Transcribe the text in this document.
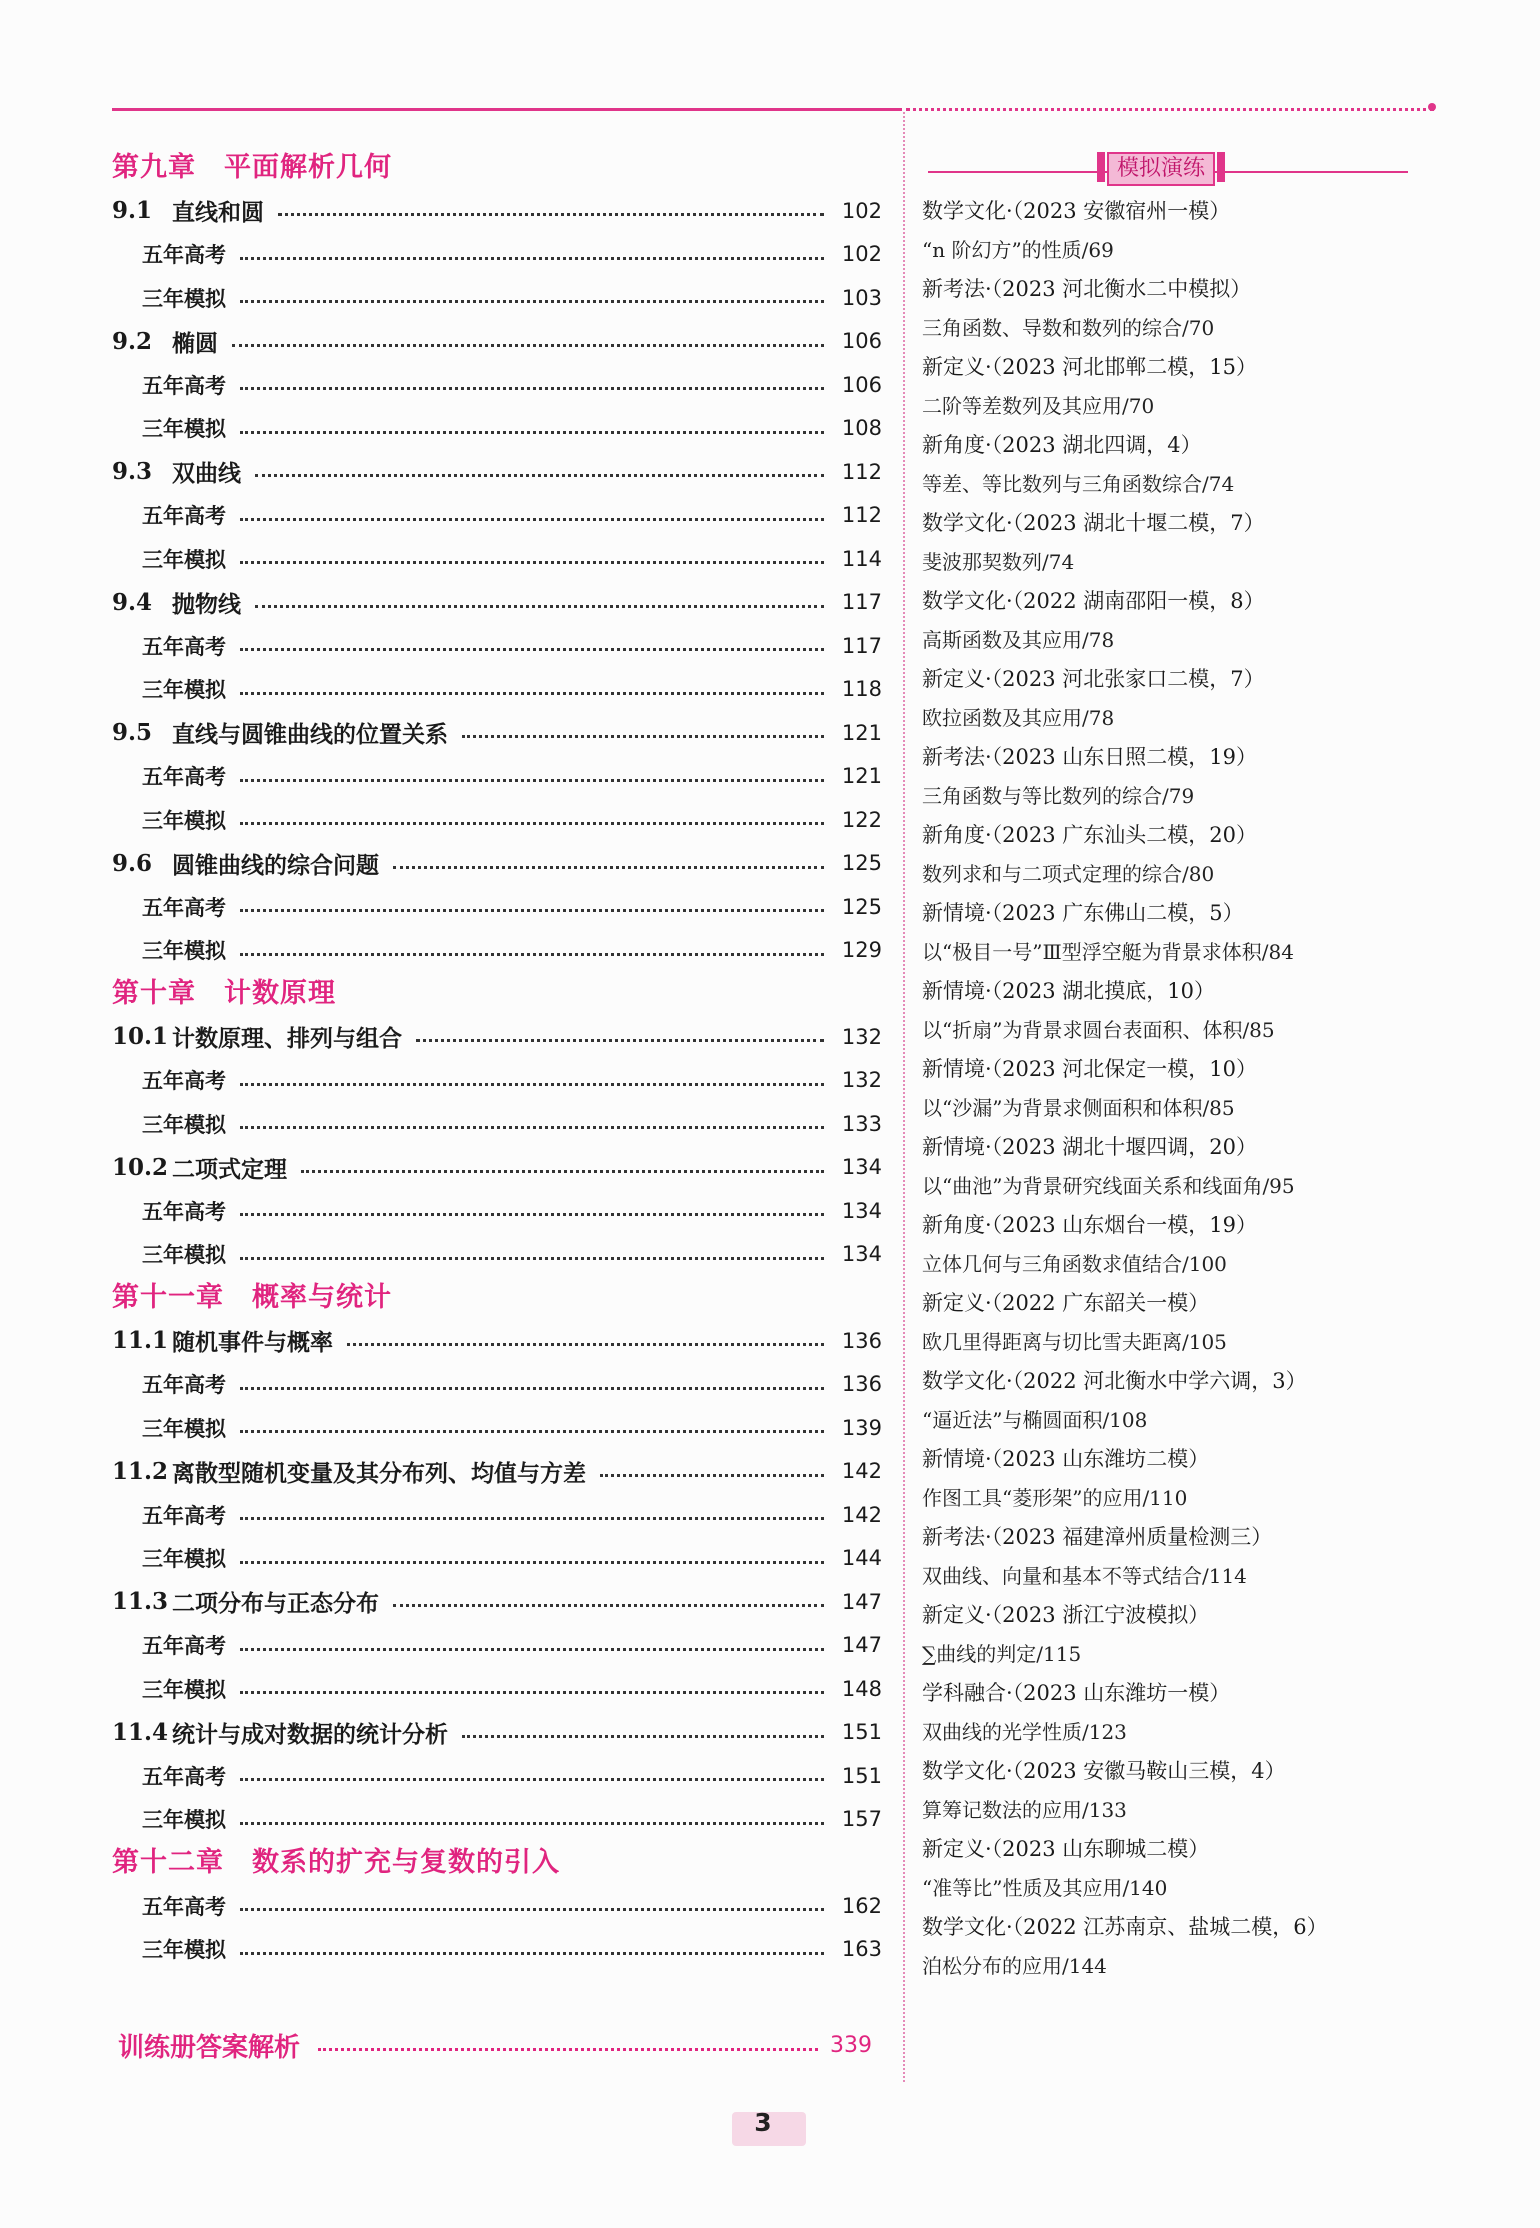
第九章　平面解析几何
9.1 直线和圆	102
五年高考	102
三年模拟	103
9.2 椭圆	106
五年高考	106
三年模拟	108
9.3 双曲线	112
五年高考	112
三年模拟	114
9.4 抛物线	117
五年高考	117
三年模拟	118
9.5 直线与圆锥曲线的位置关系	121
五年高考	121
三年模拟	122
9.6 圆锥曲线的综合问题	125
五年高考	125
三年模拟	129
第十章　计数原理
10.1 计数原理、排列与组合	132
五年高考	132
三年模拟	133
10.2 二项式定理	134
五年高考	134
三年模拟	134
第十一章　概率与统计
11.1 随机事件与概率	136
五年高考	136
三年模拟	139
11.2 离散型随机变量及其分布列、均值与方差	142
五年高考	142
三年模拟	144
11.3 二项分布与正态分布	147
五年高考	147
三年模拟	148
11.4 统计与成对数据的统计分析	151
五年高考	151
三年模拟	157
第十二章　数系的扩充与复数的引入
五年高考	162
三年模拟	163
训练册答案解析	339
模拟演练
数学文化·（2023 安徽宿州一模）
“n 阶幻方”的性质/69
新考法·（2023 河北衡水二中模拟）
三角函数、导数和数列的综合/70
新定义·（2023 河北邯郸二模，15）
二阶等差数列及其应用/70
新角度·（2023 湖北四调，4）
等差、等比数列与三角函数综合/74
数学文化·（2023 湖北十堰二模，7）
斐波那契数列/74
数学文化·（2022 湖南邵阳一模，8）
高斯函数及其应用/78
新定义·（2023 河北张家口二模，7）
欧拉函数及其应用/78
新考法·（2023 山东日照二模，19）
三角函数与等比数列的综合/79
新角度·（2023 广东汕头二模，20）
数列求和与二项式定理的综合/80
新情境·（2023 广东佛山二模，5）
以“极目一号”Ⅲ型浮空艇为背景求体积/84
新情境·（2023 湖北摸底，10）
以“折扇”为背景求圆台表面积、体积/85
新情境·（2023 河北保定一模，10）
以“沙漏”为背景求侧面积和体积/85
新情境·（2023 湖北十堰四调，20）
以“曲池”为背景研究线面关系和线面角/95
新角度·（2023 山东烟台一模，19）
立体几何与三角函数求值结合/100
新定义·（2022 广东韶关一模）
欧几里得距离与切比雪夫距离/105
数学文化·（2022 河北衡水中学六调，3）
“逼近法”与椭圆面积/108
新情境·（2023 山东潍坊二模）
作图工具“菱形架”的应用/110
新考法·（2023 福建漳州质量检测三）
双曲线、向量和基本不等式结合/114
新定义·（2023 浙江宁波模拟）
∑曲线的判定/115
学科融合·（2023 山东潍坊一模）
双曲线的光学性质/123
数学文化·（2023 安徽马鞍山三模，4）
算筹记数法的应用/133
新定义·（2023 山东聊城二模）
“准等比”性质及其应用/140
数学文化·（2022 江苏南京、盐城二模，6）
泊松分布的应用/144
3
